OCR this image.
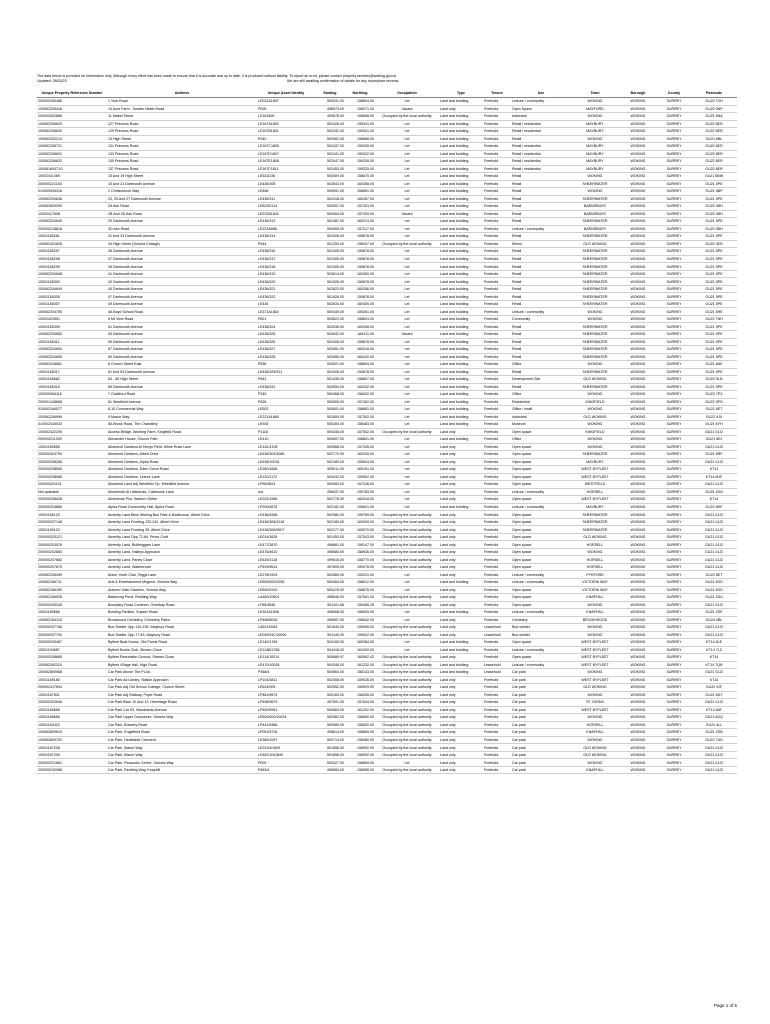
The data below is provided for information only. Although every effort has been made to ensure that it is accurate and up to date, it is produced without liability. To report an error, please contact property.services@woking.gov.uk
Updated: 28/03/23	We are still awaiting confirmation of details for any incomplete records.
Unique Property Reference Number	Address	Unique Asset Identity	Easting	Northing	Occupation	Type	Tenure	Use	Town	Borough	County	Postcode
200000265486	1 York Road	LE022A1807	500431.00	158894.00	Let	Land and building	Freehold	Leisure / community	WOKING	WOKING	SURREY	GU22 7XH
100062205418	10 Acre Farm , Smarts Heath Road	P005	498974.00	155071.00	Vacant	Land only	Freehold	Open Space	MAYFORD	WOKING	SURREY	GU22 0NP
200000002886	11 Mabel Street	LE161809	499678.00	158698.00	Occupied by the local authority	Land and building	Freehold	Industrial	WOKING	WOKING	SURREY	GU21 6NA
100062206629	127 Princess Road	LE167A1802	502426.00	159341.00	Let	Land and building	Freehold	Retail / residential	MAYBURY	WOKING	SURREY	GU22 8ER
100062206630	129 Princess Road	LE167B1801	502432.00	159341.00	Let	Land and building	Freehold	Retail / residential	MAYBURY	WOKING	SURREY	GU22 8ER
100062202214	13 High Street	P040	500562.00	158688.00	Let	Land and building	Freehold	Retail	WOKING	WOKING	SURREY	GU21 6BL
100062206721	131 Princess Road	LE167C1805	502437.00	159335.00	Let	Land and building	Freehold	Retail / residential	MAYBURY	WOKING	SURREY	GU22 8ER
100062206631	133 Princess Road	LE167D1807	502441.00	159332.00	Let	Land and building	Freehold	Retail / residential	MAYBURY	WOKING	SURREY	GU22 8ER
100062206632	135 Princess Road	LE167E1808	502447.00	159328.00	Let	Land and building	Freehold	Retail / residential	MAYBURY	WOKING	SURREY	GU22 8ER
10008160471O	137 Princess Road	LE167F1811	502453.00	159325.00	Let	Land and building	Freehold	Retail / residential	MAYBURY	WOKING	SURREY	GU22 8ER
10002411489	15 And 19 High Street	LE531D36	500509.00	158670.00	Let	Land and building	Freehold	Retail	WOKING	WOKING	SURREY	GU21 6BW
200000221183	15 And 21 Dartmouth Avenue	LE436/306	502643.00	160358.00	Let	Land and building	Freehold	Retail	SHEERWATER	WOKING	SURREY	GU21 5PE
010000094316	2 Christchurch Way	LE468	500591.00	158681.00	Let	Land and building	Freehold	Retail	WOKING	WOKING	SURREY	GU21 6BP
100062204636	23, 25 And 27 Dartmouth Avenue	LE436/311	502418.00	160267.00	Let	Land and building	Freehold	Retail	SHEERWATER	WOKING	SURREY	GU21 5PE
100062809390	2A Ash Road	LE523/0114	500057.00	157203.00	Let	Land and building	Freehold	Retail	BARNSBURY	WOKING	SURREY	GU22 0BH
10002417608	2B And 2D Ash Road	LE222B1842	500064.00	157209.00	Vacant	Land and building	Freehold	Retail	BARNSBURY	WOKING	SURREY	GU22 0BH
100062204640	29 Dartmouth Avenue	LE436/313	502487.00	160374.00	Let	Land and building	Freehold	Retail	SHEERWATER	WOKING	SURREY	GU21 5PE
200000218818	3D Ash Road	LE223A988	500069.00	157217.00	Let	Land and building	Freehold	Leisure / community	BARNSBURY	WOKING	SURREY	GU22 0BH
10001165281	31 And 33 Dartmouth Avenue	LE436/314	501926.00	159878.00	Let	Land and building	Freehold	Retail	SHEERWATER	WOKING	SURREY	GU21 5PE
100062421828	34 High Street (Victoria Cottage)	P544	501253.00	158947.00	Occupied by the local authority	Land and building	Freehold	Mixed	OLD WOKING	WOKING	SURREY	GU22 9ER
10001165297	35 Dartmouth Avenue	LE436/316	501926.00	159878.00	Let	Land and building	Freehold	Retail	SHEERWATER	WOKING	SURREY	GU21 5PE
10001165298	37 Dartmouth Avenue	LE436/317	501926.00	159878.00	Let	Land and building	Freehold	Retail	SHEERWATER	WOKING	SURREY	GU21 5PE
10001165299	39 Dartmouth Avenue	LE436/318	501926.00	159878.00	Let	Land and building	Freehold	Retail	SHEERWATER	WOKING	SURREY	GU21 5PE
100062204648	41 Dartmouth Avenue	LE436/319	502614.00	160350.00	Let	Land and building	Freehold	Retail	SHEERWATER	WOKING	SURREY	GU21 5PE
10001165300	43 Dartmouth Avenue	LE436/320	501926.00	159878.00	Let	Land and building	Freehold	Retail	SHEERWATER	WOKING	SURREY	GU21 5PE
100062204649	45 Dartmouth Avenue	LE436/321	502623.00	160356.00	Let	Land and building	Freehold	Retail	SHEERWATER	WOKING	SURREY	GU21 5PE
10001165305	47 Dartmouth Avenue	LE436/322	501926.00	159878.00	Let	Land and building	Freehold	Retail	SHEERWATER	WOKING	SURREY	GU21 5PE
10001165307	49 Dartmouth Avenue	LE436	502634.00	160405.00	Let	Land and building	Freehold	Retail	SHEERWATER	WOKING	SURREY	GU21 5PE
100062204750	4A Boyd School Road	LE371A1802	500449.00	159261.00	Let	Land and building	Freehold	Leisure / community	WOKING	WOKING	SURREY	GU21 5HE
10002420551	5 Mt View Road	P621	500622.00	158624.00	Let	Land and building	Freehold	Community	WOKING	WOKING	SURREY	GU22 7NH
10001165309	51 Dartmouth Avenue	LE436/324	502536.00	160408.00	Let	Land and building	Freehold	Retail	SHEERWATER	WOKING	SURREY	GU21 5PE
100062204652	53 Dartmouth Avenue	LE436/325	502642.00	160411.00	Vacant	Land and building	Freehold	Retail	SHEERWATER	WOKING	SURREY	GU21 5PE
10001165311	55 Dartmouth Avenue	LE436/326	501926.00	159878.00	Let	Land and building	Freehold	Retail	SHEERWATER	WOKING	SURREY	GU21 5PE
100062204654	57 Dartmouth Avenue	LE436/327	502651.00	160418.00	Let	Land and building	Freehold	Retail	SHEERWATER	WOKING	SURREY	GU21 5PE
100062204655	59 Dartmouth Avenue	LE436/328	502655.00	160420.00	Let	Land and building	Freehold	Retail	SHEERWATER	WOKING	SURREY	GU21 5PE
100062418681	6 Church Street East	P638	500521.00	158694.00	Let	Land and building	Freehold	Office	WOKING	WOKING	SURREY	GU21 6AE
10001165317	61 And 63 Dartmouth Avenue	LE436/329/311	501926.00	159878.00	Let	Land and building	Freehold	Retail	SHEERWATER	WOKING	SURREY	GU21 5PE
10001169682	63 - 65 High Street	P643	501435.00	156807.00	Let	Land and building	Freehold	Development Site	OLD WOKING	WOKING	SURREY	GU22 9LN
10001165315	65 Dartmouth Avenue	LE436/331	502654.00	160432.00	Let	Land and building	Freehold	Retail	SHEERWATER	WOKING	SURREY	GU21 5PE
100000064116	7 Guildford Road	P345	500468.00	158402.00	Let	Land and building	Freehold	Office	WOKING	WOKING	SURREY	GU22 7PX
200001448868	81 Westfield Avenue	P628	500505.00	157402.00	Let	Land and building	Freehold	Residential	KINGFIELD	WOKING	SURREY	GU22 9PG
010002184577	8-10 Commercial Way	LE502	500601.00	158681.00	Let	Land and building	Freehold	Office / retail	WOKING	WOKING	SURREY	GU21 6ET
100062206996	9 Manor Way	LE221A1860	501809.00	157302.00	Let	Land and building	Freehold	Industrial	OLD WOKING	WOKING	SURREY	GU22 9JX
010002416033	8A Brook Road, The Chandlery	LE926	500284.00	158483.00	Let	Land and building	Freehold	Museum	WOKING	WOKING	SURREY	GU21 6YH
100062422295	Access Bridge, Working Farm, Kingfield Road	P1118	500345.00	157542.00	Occupied by the local authority	Land only	Freehold	Open space	KINGFIELD	WOKING	SURREY	GU21 0JJ2
200000211309	Alexander House, Church Path	LE410	500607.00	158841.00	Let	Land and building	Freehold	Office	WOKING	WOKING	SURREY	GU21 6EJ
10001169556	Allotment Gardens At Devys Field, White Rose Lane	LE1A1/1195	500568.00	157035.00	Let	Land only	Freehold	Open space	WOKING	WOKING	SURREY	GU21 0JJ2
200000204754	Allotment Gardens, Albert Drive	LE436/304/3085	502770.00	160205.00	Let	Land only	Freehold	Open space	SHEERWATER	WOKING	SURREY	GU21 5RF
200000208256	Allotment Gardens, Alpha Road	LE498/10016	502183.00	159624.00	Let	Land only	Freehold	Open space	MAYBURY	WOKING	SURREY	GU21 0JJ2
200000208550	Allotment Gardens, Eden Grove Road	LE280/1658	505011.00	160151.00	Let	Land only	Freehold	Open space	WEST BYFLEET	WOKING	SURREY	KT14
200000208986	Allotment Gardens, Lesure Lane	LE120/1172	503432.00	159502.00	Let	Land only	Freehold	Open space	WEST BYFLEET	WOKING	SURREY	KT14 6HF
200000201101	Allotment Land Adj Westfield Tip, Westfield Avenue	LP95/9624	500583.00	157246.00	Let	Land only	Freehold	Open space	WESTFIELD	WOKING	SURREY	GU21 0JJ2
Not available	Allotments At Littlewicks, Carthouse Lane	n/a	498437.00	159783.00	Let	Land only	Freehold	Leisure / community	HORSELL	WOKING	SURREY	GU21 4SN
200000208428	Allotments Plot, Woburn Glebe	LE202/1966	502778.00	160418.00	Let	Land only	Freehold	Open space	WEST BYFLEET	WOKING	SURREY	KT14
200000204886	Alpha Road Community Hall, Alpha Road	LP200/4676	502182.00	159621.00	Let	Land and building	Freehold	Leisure / community	MAYBURY	WOKING	SURREY	GU22 8HF
10001165123	Amenity Land Btwn Woking Bus Park & Boathouse, Albert Drive	LE436/4268	502980.00	159789.00	Occupied by the local authority	Land only	Freehold	Open space	SHEERWATER	WOKING	SURREY	GU21 0JJ2
200000207148	Amenity Land Fronting 232-242, Albert Drive	LE436/306/3118	502183.00	160009.00	Occupied by the local authority	Land only	Freehold	Open space	SHEERWATER	WOKING	SURREY	GU21 0JJ2
10001169122	Amenity Land Fronting 35, Albert Drive	LE436/306/9907	502177.00	160070.00	Occupied by the local authority	Land only	Freehold	Open space	SHEERWATER	WOKING	SURREY	GU21 0JJ2
200000203121	Amenity Land Opp 72-84, Priors Croft	LE014/3628	501453.00	157043.00	Occupied by the local authority	Land only	Freehold	Open space	OLD WOKING	WOKING	SURREY	GU21 0JJ2
200000203576	Amenity Land, Bullbeggars Lane	LE477/3870	498681.00	159147.00	Occupied by the local authority	Land only	Freehold	Open space	HORSELL	WOKING	SURREY	GU21 0JJ2
200000202883	Amenity Land, Halleys Approach	LE476/4610	498580.00	158936.00	Occupied by the local authority	Land only	Freehold	Open space	WOKING	WOKING	SURREY	GU21 0JJ2
200000207883	Amenity Land, Parley Close	LE525/3118	499616.00	158770.00	Occupied by the local authority	Land only	Freehold	Open space	HORSELL	WOKING	SURREY	GU21 0JJ2
200000207875	Amenity Land, Waterbread	LP493/9614	497805.00	159078.00	Occupied by the local authority	Land only	Freehold	Open space	HORSELL	WOKING	SURREY	GU21 0JJ2
100062206499	Anton Youth Club, Teggs Lane	LE278/1904	502869.00	159231.00	Let	Land only	Freehold	Leisure / community	PYRFORD	WOKING	SURREY	GU22 8ET
100062166711	Arts & Entertainment Mngmnt, Victoria Way	LE500/000/3255	500464.00	158612.00	Let	Land and building	Freehold	Leisure / community	VICTORIA WAY	WOKING	SURREY	GU21 6GD
100062166169	Autumn Gate Gardens, Victoria Way	LE500/2910	500478.00	158876.00	Let	Land only	Freehold	Open space	VICTORIA WAY	WOKING	SURREY	GU21 6GD
100062166926	Balancing Pond, Redding Way	LA460/10601	496546.00	157541.00	Occupied by the local authority	Land only	Freehold	Open space	KNAPHILL	WOKING	SURREY	GU21 2DU
200000205245	Boundary Road Common, Ovenbay Road	LF65/3646	501101.68	159485.28	Occupied by the local authority	Land only	Freehold	Open space	WOKING	WOKING	SURREY	GU21 0JJ2
10001169666	Bowling Pavilion, Sussex Road	LE301A1608	498068.00	158409.00	Let	Land and building	Freehold	Leisure / community	KNAPHILL	WOKING	SURREY	GU21 2SE
100062164124	Brookwood Cemetery, Cemetery Pales	LP458/8026	496957.00	155642.00	Let	Land only	Freehold	Cemetery	BROOKWOOD	WOKING	SURREY	GU24 0BL
200000207766	Bus Shelter Opp 149-155, Maybury Road	LA531/0064	501644.00	159006.00	Occupied by the local authority	Land only	Leasehold	Bus shelter	WOKING	WOKING	SURREY	GU21 0JJ2
200000207794	Bus Shelter Opp 77-83, Maybury Road	LE03/0910 00000	501145.00	159002.00	Occupied by the local authority	Land only	Leasehold	Bus shelter	WOKING	WOKING	SURREY	GU21 0JJ2
200000209487	Byfleet Boat House, Old Parvis Road	LE140/1784	504160.00	160384.00	Let	Land and building	Freehold	Open space	WEST BYFLEET	WOKING	SURREY	KT14 6LE
10001194687	Byfleet Bowls Club, Stream Close	LE114B/1766	504418.00	161009.00	Let	Land and building	Freehold	Leisure / community	WEST BYFLEET	WOKING	SURREY	KT14 7LZ
200000208685	Byfleet Recreation Ground, Stream Close	LE114/10014	500689.97	160992.42	Occupied by the local authority	Land only	Freehold	Open space	WEST BYFLEET	WOKING	SURREY	KT14
100062392324	Byfleet Village Hall, High Road	LE470/10028	504346.00	161232.00	Occupied by the local authority	Land and building	Leasehold	Leisure / community	WEST BYFLEET	WOKING	SURREY	KT14 7QN
100062809568	Car Park Above The PLUs,	P368/4	500563.00	158143.00	Occupied by the local authority	Land and building	Leasehold	Car park	WOKING	WOKING	SURREY	GU21 0JJ2
10001169180	Car Park Ad Library, Station Approach	LP104/3811	502408.00	159026.00	Occupied by the local authority	Land only	Freehold	Car park	WEST BYFLEET	WOKING	SURREY	KT14
200002417694	Car Park Adj Old School Cottage, Church Street	LE524/005	502552.00	155929.00	Occupied by the local authority	Land only	Freehold	Car park	OLD WOKING	WOKING	SURREY	GU22 9JF
10001187801	Car Park Adj Railway, Poyle Road	LP461/9674	500163.00	158455.00	Occupied by the local authority	Land only	Freehold	Car park	WOKING	WOKING	SURREY	GU21 6DY
200000203646	Car Park Btwn 10 And 12, Hermitage Road	LP498/9679	497691.00	157644.00	Occupied by the local authority	Land only	Freehold	Car park	ST JOHNS	WOKING	SURREY	GU21 0JJ2
10001169685	Car Park Car 53, Woodlands Avenue	LP462/9951	500663.00	161202.00	Occupied by the local authority	Land only	Freehold	Car park	WEST BYFLEET	WOKING	SURREY	KT14 6AT
10001168666	Car Park Upper Concourse, Victoria Way	LE500/000/10024	500462.00	158650.00	Occupied by the local authority	Land only	Freehold	Car park	WOKING	WOKING	SURREY	GU21 6GQ
10001160422	Car Park, Brewery Road	LP441/9386	500589.00	158520.00	Occupied by the local authority	Land only	Freehold	Car park	HORSELL	WOKING	SURREY	GU21 4LL
100062809619	Car Park, Englefield Road	LP051/5726	498614.00	158869.00	Occupied by the local authority	Land only	Freehold	Car park	KNAPHILL	WOKING	SURREY	GU21 2SB
100062809702	Car Park, Heathside Crescent	LE380/1097	500714.00	158480.00	Occupied by the local authority	Land only	Freehold	Car park	WOKING	WOKING	SURREY	GU22 7AG
10001167208	Car Park, Manor Way	LE221N/1849	501856.00	156992.00	Occupied by the local authority	Land only	Freehold	Car park	OLD WOKING	WOKING	SURREY	GU21 0JJ2
10001167209	Car Park, Manor Way	LE462/1N/1849	501858.00	156992.00	Occupied by the local authority	Land only	Freehold	Car park	OLD WOKING	WOKING	SURREY	GU21 0JJ2
200000221861	Car Park, Peacocks Centre, Victoria Way	P000	500327.00	158669.00	Let	Land only	Freehold	Car park	WOKING	WOKING	SURREY	GU21 0JJ2
200000242988	Car Park, Redding Way, Knaphill	P463/4	496584.00	158085.00	Occupied by the local authority	Land only	Freehold	Car park	KNAPHILL	WOKING	SURREY	GU21 0JJ2
Page 1 of 5
